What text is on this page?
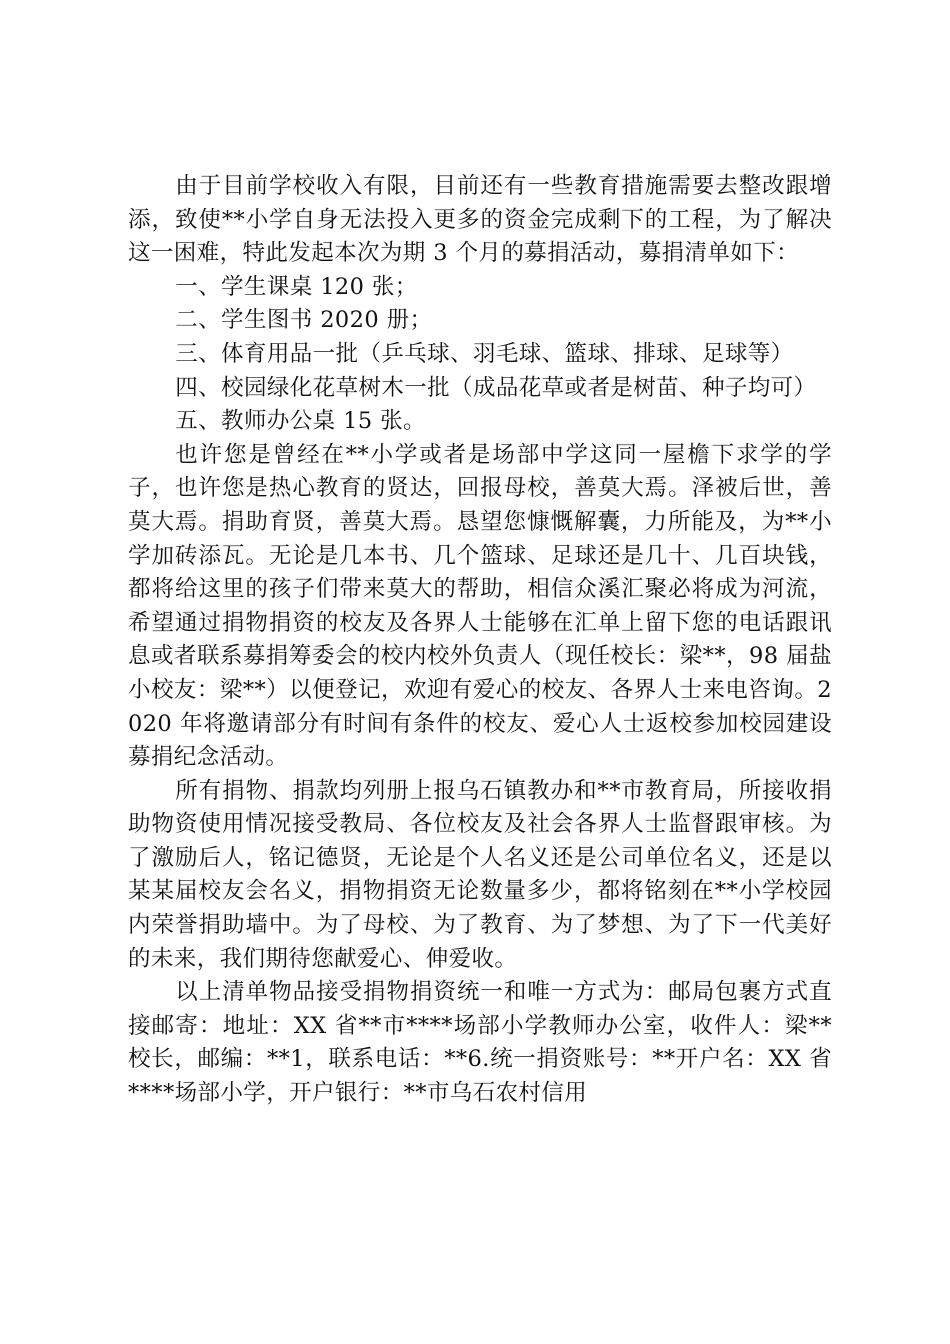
由于目前学校收入有限，目前还有一些教育措施需要去整改跟增添，致使**小学自身无法投入更多的资金完成剩下的工程，为了解决这一困难，特此发起本次为期 3 个月的募捐活动，募捐清单如下：

一、学生课桌 120 张；

二、学生图书 2020 册；

三、体育用品一批（乒乓球、羽毛球、篮球、排球、足球等）

四、校园绿化花草树木一批（成品花草或者是树苗、种子均可）

五、教师办公桌 15 张。

也许您是曾经在**小学或者是场部中学这同一屋檐下求学的学子，也许您是热心教育的贤达，回报母校，善莫大焉。泽被后世，善莫大焉。捐助育贤，善莫大焉。恳望您慷慨解囊，力所能及，为**小学加砖添瓦。无论是几本书、几个篮球、足球还是几十、几百块钱，都将给这里的孩子们带来莫大的帮助，相信众溪汇聚必将成为河流，希望通过捐物捐资的校友及各界人士能够在汇单上留下您的电话跟讯息或者联系募捐筹委会的校内校外负责人（现任校长：梁**，98 届盐小校友：梁**）以便登记，欢迎有爱心的校友、各界人士来电咨询。2020 年将邀请部分有时间有条件的校友、爱心人士返校参加校园建设募捐纪念活动。

所有捐物、捐款均列册上报乌石镇教办和**市教育局，所接收捐助物资使用情况接受教局、各位校友及社会各界人士监督跟审核。为了激励后人，铭记德贤，无论是个人名义还是公司单位名义，还是以某某届校友会名义，捐物捐资无论数量多少，都将铭刻在**小学校园内荣誉捐助墙中。为了母校、为了教育、为了梦想、为了下一代美好的未来，我们期待您献爱心、伸爱收。

以上清单物品接受捐物捐资统一和唯一方式为：邮局包裹方式直接邮寄：地址：XX 省**市****场部小学教师办公室，收件人：梁**校长，邮编：**1，联系电话：**6.统一捐资账号：**开户名：XX 省****场部小学，开户银行：**市乌石农村信用
